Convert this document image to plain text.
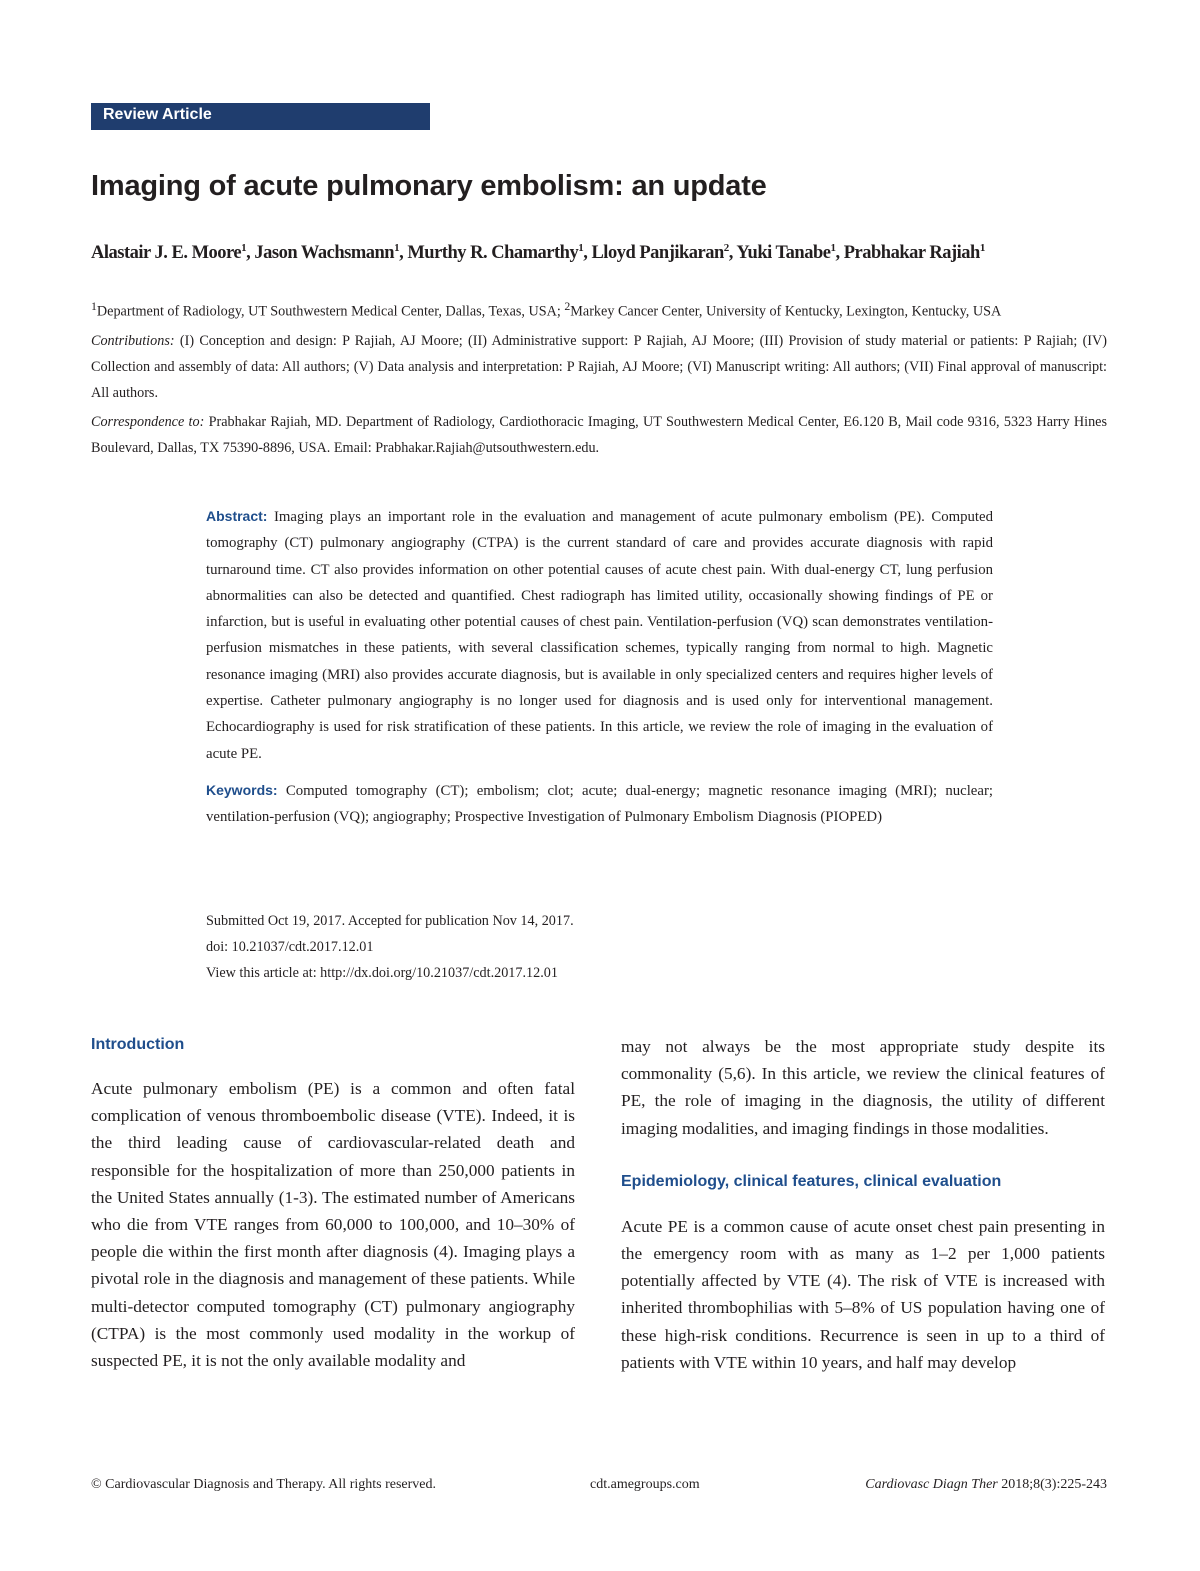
Review Article
Imaging of acute pulmonary embolism: an update
Alastair J. E. Moore$^1$, Jason Wachsmann$^1$, Murthy R. Chamarthy$^1$, Lloyd Panjikaran$^2$, Yuki Tanabe$^1$, Prabhakar Rajiah$^1$

$^1$Department of Radiology, UT Southwestern Medical Center, Dallas, Texas, USA; $^2$Markey Cancer Center, University of Kentucky, Lexington, Kentucky, USA

Contributions: (I) Conception and design: P Rajiah, AJ Moore; (II) Administrative support: P Rajiah, AJ Moore; (III) Provision of study material or patients: P Rajiah; (IV) Collection and assembly of data: All authors; (V) Data analysis and interpretation: P Rajiah, AJ Moore; (VI) Manuscript writing: All authors; (VII) Final approval of manuscript: All authors.

Correspondence to: Prabhakar Rajiah, MD. Department of Radiology, Cardiothoracic Imaging, UT Southwestern Medical Center, E6.120 B, Mail code 9316, 5323 Harry Hines Boulevard, Dallas, TX 75390-8896, USA. Email: Prabhakar.Rajiah@utsouthwestern.edu.

Abstract: Imaging plays an important role in the evaluation and management of acute pulmonary embolism (PE). Computed tomography (CT) pulmonary angiography (CTPA) is the current standard of care and provides accurate diagnosis with rapid turnaround time. CT also provides information on other potential causes of acute chest pain. With dual-energy CT, lung perfusion abnormalities can also be detected and quantified. Chest radiograph has limited utility, occasionally showing findings of PE or infarction, but is useful in evaluating other potential causes of chest pain. Ventilation-perfusion (VQ) scan demonstrates ventilation-perfusion mismatches in these patients, with several classification schemes, typically ranging from normal to high. Magnetic resonance imaging (MRI) also provides accurate diagnosis, but is available in only specialized centers and requires higher levels of expertise. Catheter pulmonary angiography is no longer used for diagnosis and is used only for interventional management. Echocardiography is used for risk stratification of these patients. In this article, we review the role of imaging in the evaluation of acute PE.

Keywords: Computed tomography (CT); embolism; clot; acute; dual-energy; magnetic resonance imaging (MRI); nuclear; ventilation-perfusion (VQ); angiography; Prospective Investigation of Pulmonary Embolism Diagnosis (PIOPED)

Submitted Oct 19, 2017. Accepted for publication Nov 14, 2017.
doi: 10.21037/cdt.2017.12.01
View this article at: http://dx.doi.org/10.21037/cdt.2017.12.01
Introduction

Acute pulmonary embolism (PE) is a common and often fatal complication of venous thromboembolic disease (VTE). Indeed, it is the third leading cause of cardiovascular-related death and responsible for the hospitalization of more than 250,000 patients in the United States annually (1-3). The estimated number of Americans who die from VTE ranges from 60,000 to 100,000, and 10–30% of people die within the first month after diagnosis (4). Imaging plays a pivotal role in the diagnosis and management of these patients. While multi-detector computed tomography (CT) pulmonary angiography (CTPA) is the most commonly used modality in the workup of suspected PE, it is not the only available modality and

may not always be the most appropriate study despite its commonality (5,6). In this article, we review the clinical features of PE, the role of imaging in the diagnosis, the utility of different imaging modalities, and imaging findings in those modalities.

Epidemiology, clinical features, clinical evaluation

Acute PE is a common cause of acute onset chest pain presenting in the emergency room with as many as 1–2 per 1,000 patients potentially affected by VTE (4). The risk of VTE is increased with inherited thrombophilias with 5–8% of US population having one of these high-risk conditions. Recurrence is seen in up to a third of patients with VTE within 10 years, and half may develop

© Cardiovascular Diagnosis and Therapy. All rights reserved.	cdt.amegroups.com	Cardiovasc Diagn Ther 2018;8(3):225-243
